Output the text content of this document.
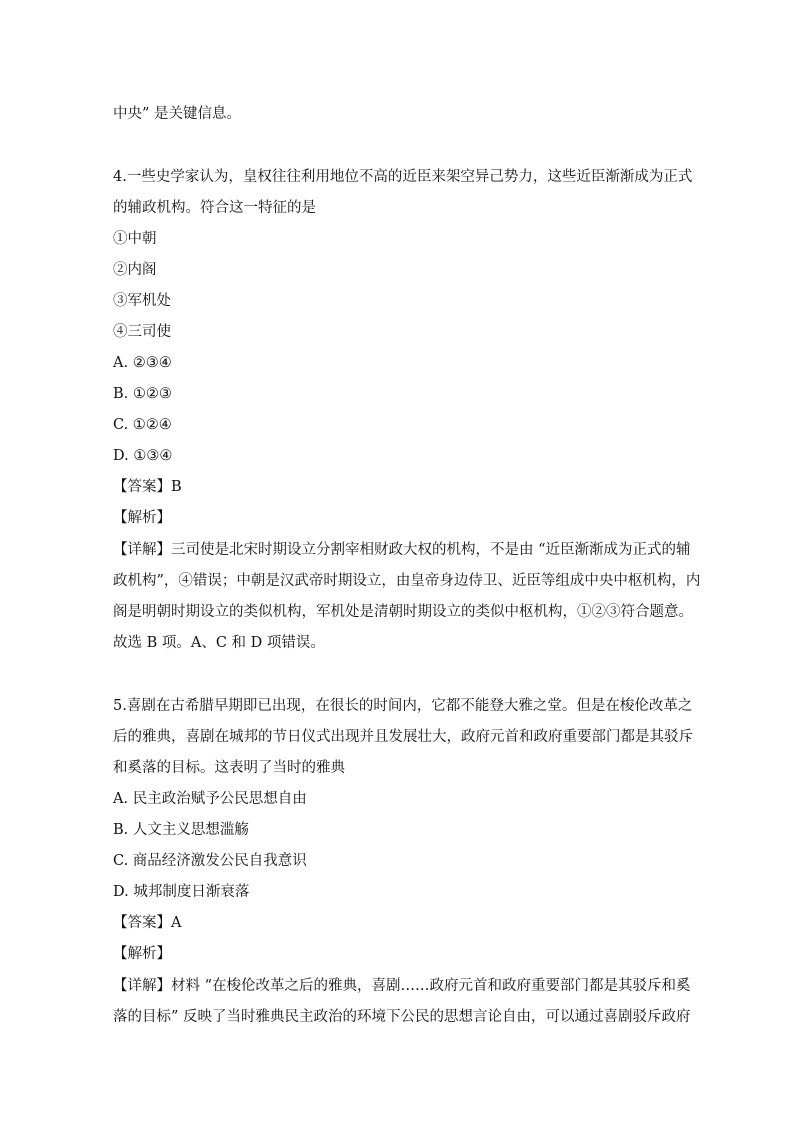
中央” 是关键信息。
4.一些史学家认为，皇权往往利用地位不高的近臣来架空异己势力，这些近臣渐渐成为正式
的辅政机构。符合这一特征的是
①中朝
②内阁
③军机处
④三司使
A. ②③④
B. ①②③
C. ①②④
D. ①③④
【答案】B
【解析】
【详解】三司使是北宋时期设立分割宰相财政大权的机构，不是由 “近臣渐渐成为正式的辅
政机构”，④错误；中朝是汉武帝时期设立，由皇帝身边侍卫、近臣等组成中央中枢机构，内
阁是明朝时期设立的类似机构，军机处是清朝时期设立的类似中枢机构，①②③符合题意。
故选 B 项。A、C 和 D 项错误。
5.喜剧在古希腊早期即已出现，在很长的时间内，它都不能登大雅之堂。但是在梭伦改革之
后的雅典，喜剧在城邦的节日仪式出现并且发展壮大，政府元首和政府重要部门都是其驳斥
和奚落的目标。这表明了当时的雅典
A. 民主政治赋予公民思想自由
B. 人文主义思想滥觞
C. 商品经济激发公民自我意识
D. 城邦制度日渐衰落
【答案】A
【解析】
【详解】材料 “在梭伦改革之后的雅典，喜剧……政府元首和政府重要部门都是其驳斥和奚
落的目标” 反映了当时雅典民主政治的环境下公民的思想言论自由，可以通过喜剧驳斥政府
